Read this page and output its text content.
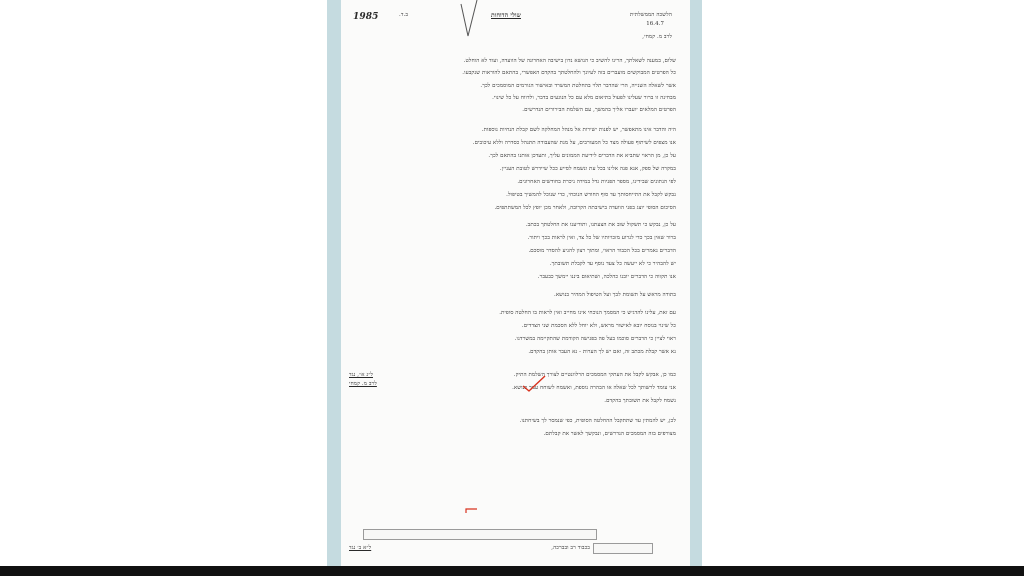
1985	ב.ד.	שולי הדוחות	הלשכה הממשלתית
16.4.7
לרב מ. קמחי,
שלום, במענה לשאלתך, הרינו להשיב כי הנושא נדון בישיבה האחרונה של הוועדה, ועוד לא הוחלט.
כל הפרטים המבוקשים מועברים בזה לעיונך ולהחלטתך בהקדם האפשרי, בהתאם להוראות שנקבעו.
אשר לשאלה השנייה, הרי שהדבר תלוי בהחלטת המשרד ובאישור הגורמים המוסמכים לכך.
מבחינה זו ברור שעלינו לפעול בתיאום מלא עם כל הנוגעים בדבר, ולדווח על כל שינוי.
הפרטים המלאים יועברו אליך בהמשך, עם השלמת הבירורים הנדרשים.
היה והדבר אינו מתאפשר, יש לפנות ישירות אל מנהל המחלקה לשם קבלת הנחיות נוספות.
אנו מצפים לשיתוף פעולה מצד כל המעורבים, על מנת שהעבודה תתנהל כסדרה וללא עיכובים.
על כן, מן הראוי שתביא את הדברים לידיעת הממונים עליך, ותעדכן אותנו בהתאם לכך.
במקרה של ספק, אנא פנה אלינו בכל עת ונשמח לסייע ככל שיידרש לטובת העניין.
לפי הנתונים שבידינו, מספר הפניות גדל במידה ניכרת בחודשים האחרונים.
נבקש לקבל את התייחסותך עד סוף החודש הנוכחי, כדי שנוכל להמשיך בטיפול.
הסיכום הסופי יוצג בפני הוועדה בישיבתה הקרובה, ולאחר מכן יופץ לכל המשתתפים.
על כן, נבקש כי תשקול שוב את הצעתנו, ותודיענו את החלטתך בכתב.
ברור שאין בכך כדי לגרוע מזכויותיו של כל צד, ואין לראות בכך ויתור.
הדברים נאמרים בכל הכבוד הראוי, ומתוך רצון להגיע להסדר מוסכם.
יש להבהיר כי לא ייעשה כל צעד נוסף עד לקבלת תשובתך.
אנו תקווה כי הדברים יובנו כהלכה, ושתיאום ביננו יימשך כבעבר.
בתודה מראש על תשומת לבך ועל הטיפול המהיר בנושא.
עם זאת, עלינו להדגיש כי המסמך הנוכחי אינו מחייב ואין לראות בו החלטה סופית.
כל שינוי בנוסח יובא לאישור מראש, ולא יוחל ללא הסכמת שני הצדדים.
ראוי לציין כי הדברים סוכמו בעל פה בפגישה הקודמת שהתקיימה במשרדנו.
נא אשר קבלת מכתב זה, ואם יש לך הערות - נא העבר אותן בהקדם.
ל״ג א״, נגד
לרב מ. קמחי
כמו כן, אבקש לקבל את העתקי המסמכים הרלוונטיים לצורך השלמת התיק.
אני עומד לרשותך לכל שאלה או הבהרה נוספת, ואשמח לשוחח עמך בנושא.
נשמח לקבל את תשובתך בהקדם.
לכן, יש להמתין עד שתתקבל ההחלטה הסופית, כפי שנמסר לך בשיחתנו.
מצורפים בזה המסמכים הנדרשים, ונבקשך לאשר את קבלתם.
ל״א ב׳ נגד	בכבוד רב ובברכה,
